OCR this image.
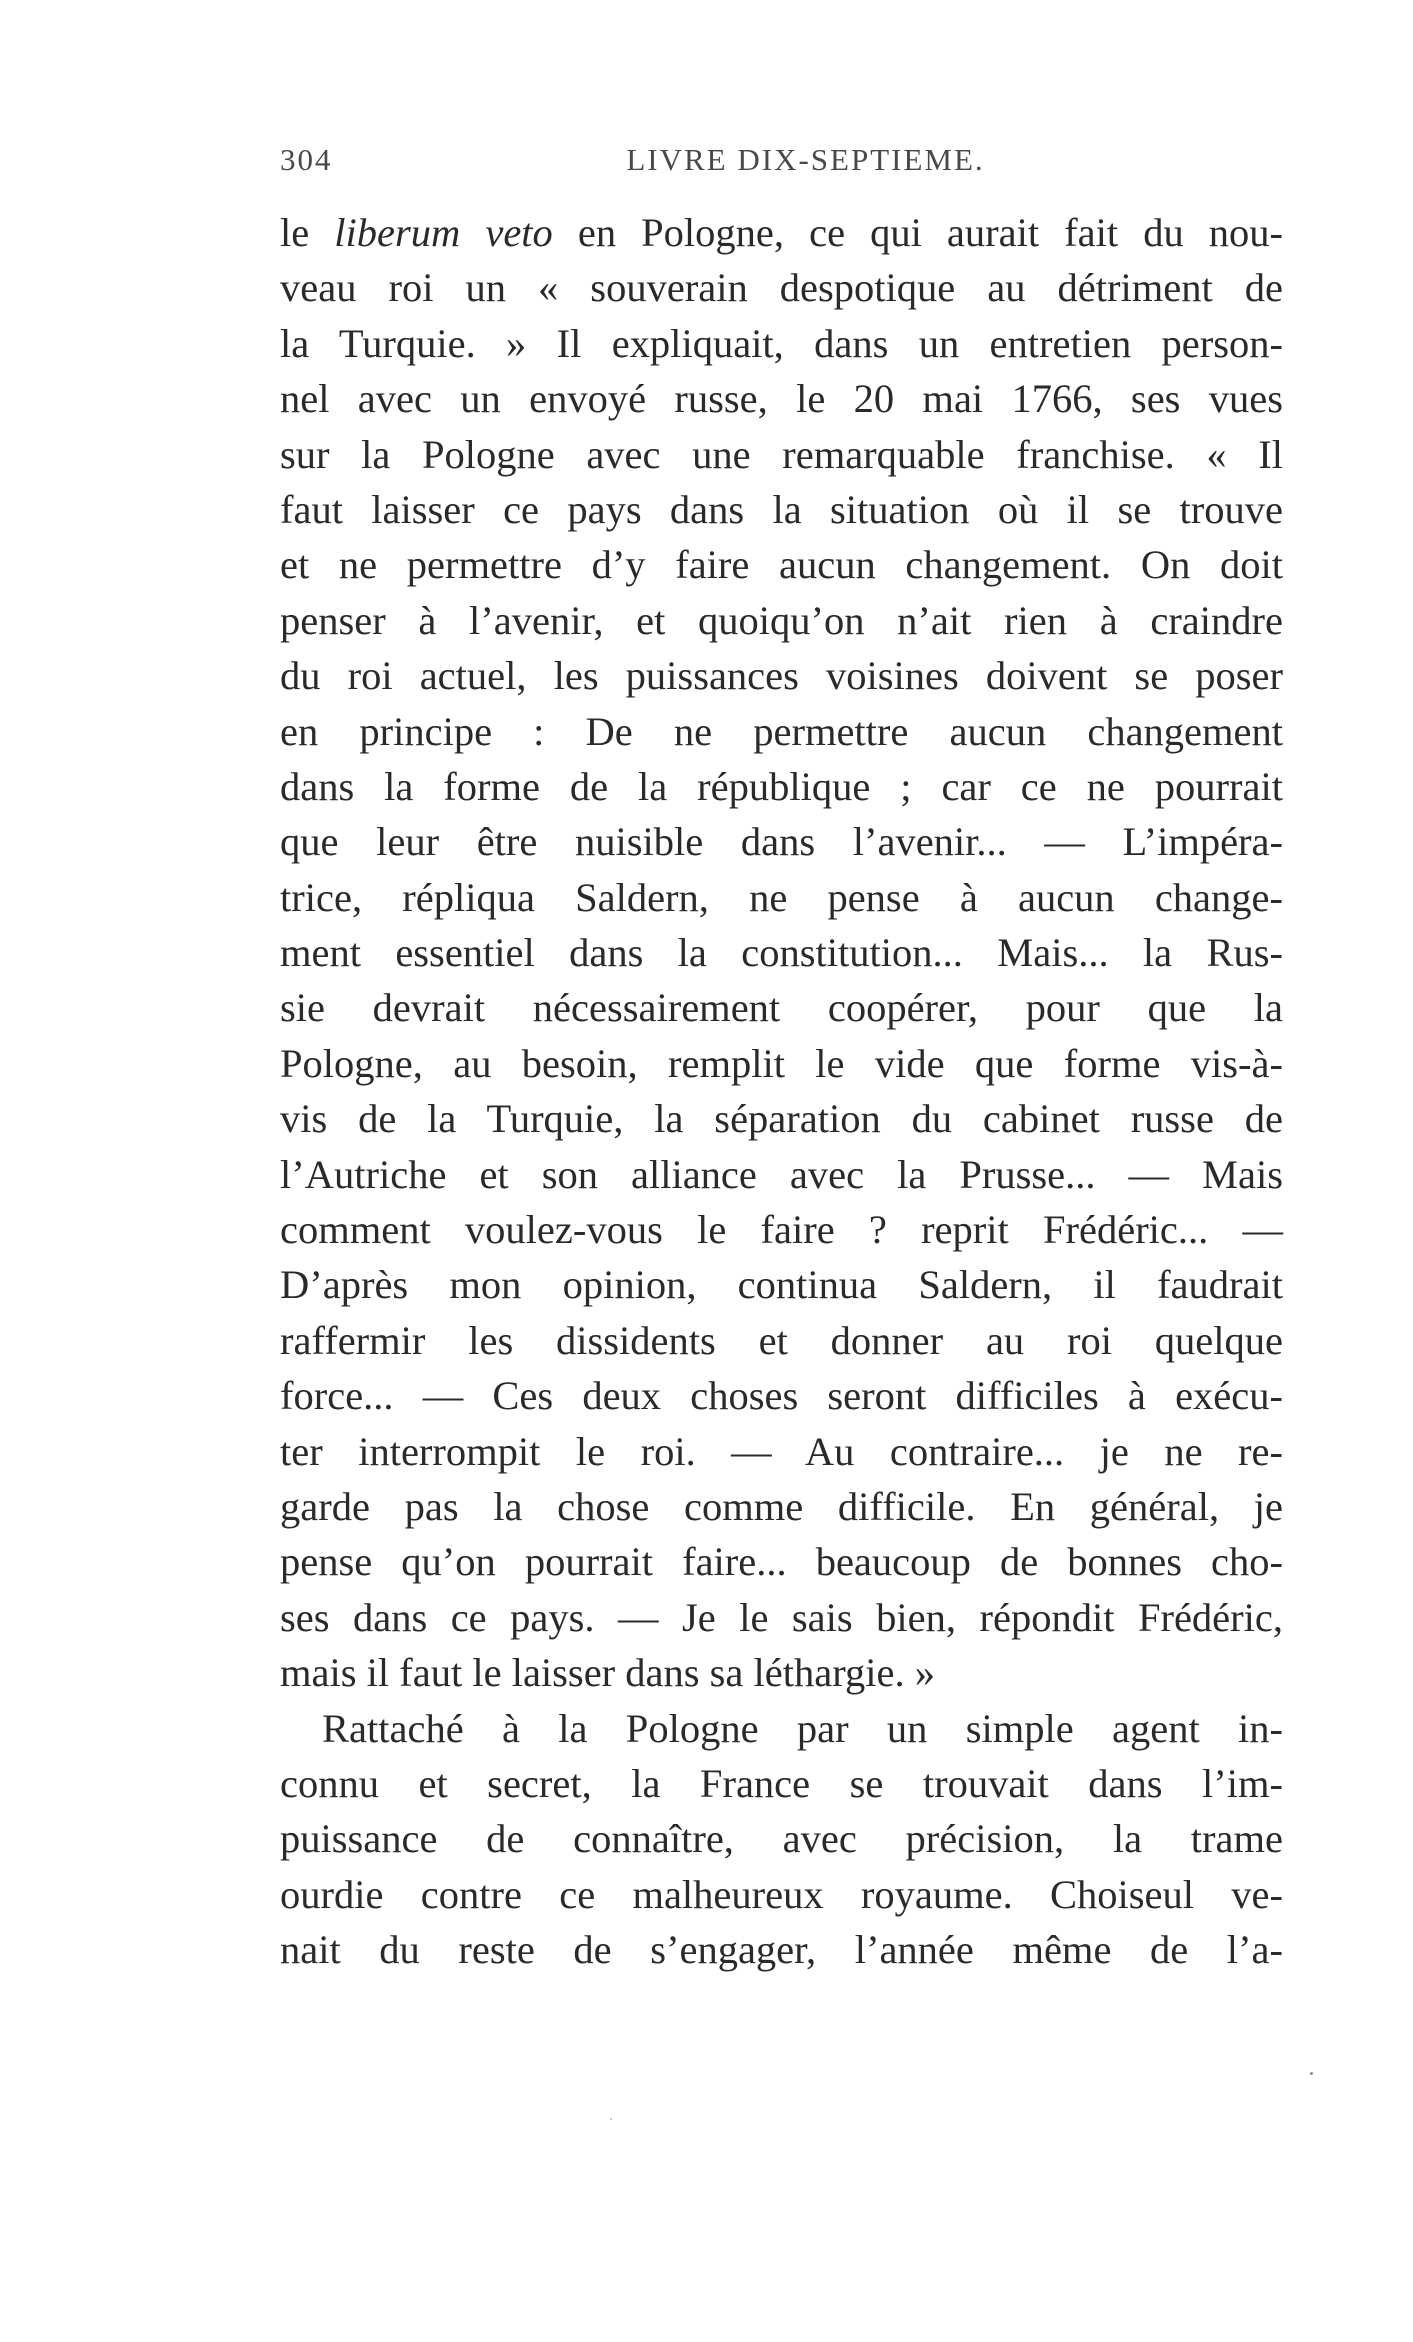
304	LIVRE DIX-SEPTIEME.
le liberum veto en Pologne, ce qui aurait fait du nou-
veau roi un « souverain despotique au détriment de
la Turquie. » Il expliquait, dans un entretien person-
nel avec un envoyé russe, le 20 mai 1766, ses vues
sur la Pologne avec une remarquable franchise. « Il
faut laisser ce pays dans la situation où il se trouve
et ne permettre d’y faire aucun changement. On doit
penser à l’avenir, et quoiqu’on n’ait rien à craindre
du roi actuel, les puissances voisines doivent se poser
en principe : De ne permettre aucun changement
dans la forme de la république ; car ce ne pourrait
que leur être nuisible dans l’avenir... — L’impéra-
trice, répliqua Saldern, ne pense à aucun change-
ment essentiel dans la constitution... Mais... la Rus-
sie devrait nécessairement coopérer, pour que la
Pologne, au besoin, remplit le vide que forme vis-à-
vis de la Turquie, la séparation du cabinet russe de
l’Autriche et son alliance avec la Prusse... — Mais
comment voulez-vous le faire ? reprit Frédéric... —
D’après mon opinion, continua Saldern, il faudrait
raffermir les dissidents et donner au roi quelque
force... — Ces deux choses seront difficiles à exécu-
ter interrompit le roi. — Au contraire... je ne re-
garde pas la chose comme difficile. En général, je
pense qu’on pourrait faire... beaucoup de bonnes cho-
ses dans ce pays. — Je le sais bien, répondit Frédéric,
mais il faut le laisser dans sa léthargie. »
Rattaché à la Pologne par un simple agent in-
connu et secret, la France se trouvait dans l’im-
puissance de connaître, avec précision, la trame
ourdie contre ce malheureux royaume. Choiseul ve-
nait du reste de s’engager, l’année même de l’a-
